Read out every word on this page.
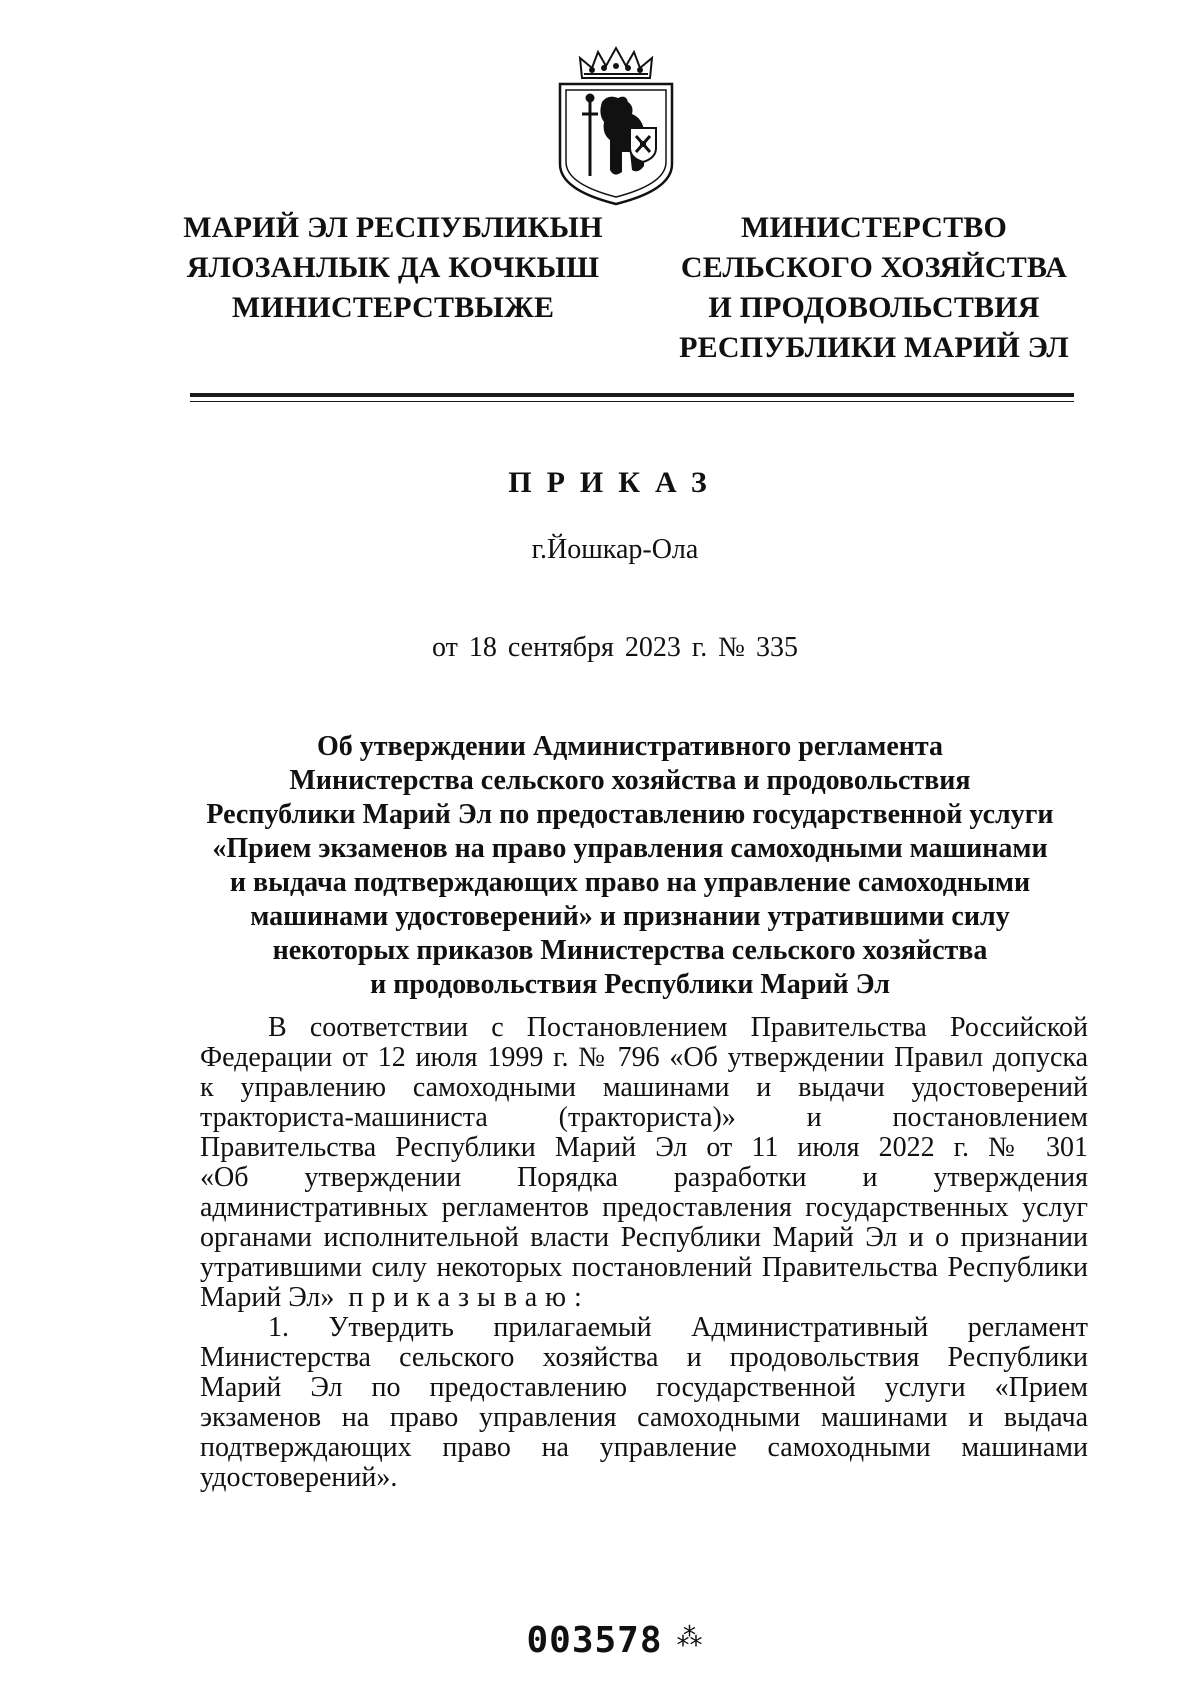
МАРИЙ ЭЛ РЕСПУБЛИКЫН
ЯЛОЗАНЛЫК ДА КОЧКЫШ
МИНИСТЕРСТВЫЖЕ
МИНИСТЕРСТВО
СЕЛЬСКОГО ХОЗЯЙСТВА
И ПРОДОВОЛЬСТВИЯ
РЕСПУБЛИКИ МАРИЙ ЭЛ
ПРИКАЗ
г.Йошкар-Ола
от 18 сентября 2023 г. № 335
Об утверждении Административного регламента
Министерства сельского хозяйства и продовольствия
Республики Марий Эл по предоставлению государственной услуги
«Прием экзаменов на право управления самоходными машинами
и выдача подтверждающих право на управление самоходными
машинами удостоверений» и признании утратившими силу
некоторых приказов Министерства сельского хозяйства
и продовольствия Республики Марий Эл
В соответствии с Постановлением Правительства Российской
Федерации от 12 июля 1999 г. № 796 «Об утверждении Правил допуска
к управлению самоходными машинами и выдачи удостоверений
тракториста-машиниста (тракториста)» и постановлением
Правительства Республики Марий Эл от 11 июля 2022 г. № 301
«Об утверждении Порядка разработки и утверждения
административных регламентов предоставления государственных услуг
органами исполнительной власти Республики Марий Эл и о признании
утратившими силу некоторых постановлений Правительства Республики
Марий Эл» приказываю:
1. Утвердить прилагаемый Административный регламент
Министерства сельского хозяйства и продовольствия Республики
Марий Эл по предоставлению государственной услуги «Прием
экзаменов на право управления самоходными машинами и выдача
подтверждающих право на управление самоходными машинами
удостоверений».
003578 ⁂
